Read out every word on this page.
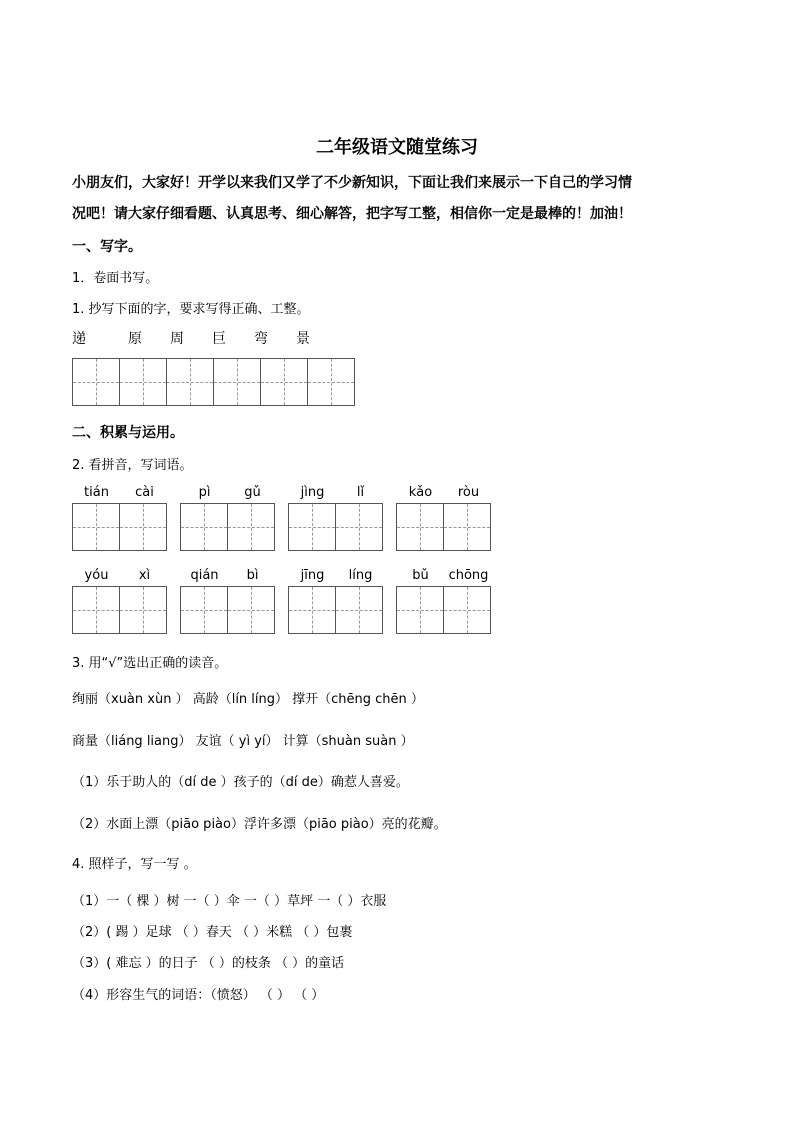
二年级语文随堂练习
小朋友们，大家好！开学以来我们又学了不少新知识，下面让我们来展示一下自己的学习情
况吧！请大家仔细看题、认真思考、细心解答，把字写工整，相信你一定是最棒的！加油！
一、写字。
1．卷面书写。
1. 抄写下面的字，要求写得正确、工整。
递	原 周 巨 弯 景
二、积累与运用。
2. 看拼音，写词语。
tián	cài	pì	gǔ	jìng	lǐ	kǎo	ròu
yóu	xì	qián	bì	jīng	líng	bǔ	chōng
3. 用“√”选出正确的读音。
绚丽（xuàn xùn ） 高龄（lín líng） 撑开（chēng chēn ）
商量（liáng liang） 友谊（ yì yí） 计算（shuàn suàn ）
（1）乐于助人的（dí de ）孩子的（dí de）确惹人喜爱。
（2）水面上漂（piāo piào）浮许多漂（piāo piào）亮的花瓣。
4. 照样子，写一写 。
（1）一（ 棵 ）树 一（ ）伞 一（ ）草坪 一（ ）衣服
（2）( 踢 ）足球 （ ）春天 （ ）米糕 （ ）包裹
（3）( 难忘 ）的日子 （ ）的枝条 （ ）的童话
（4）形容生气的词语：（愤怒） （ ） （ ）
